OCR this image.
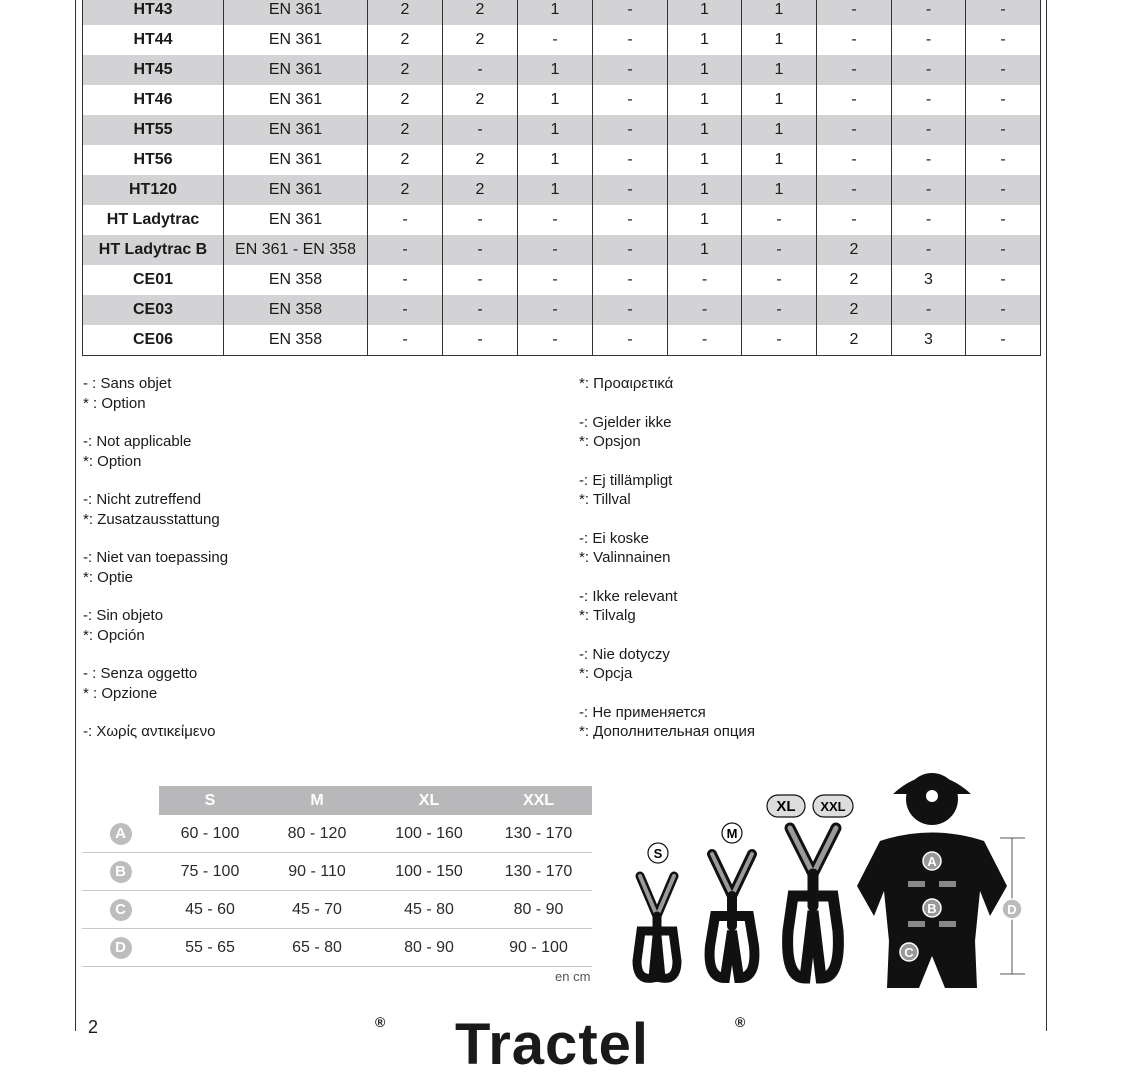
HT43	EN 361	2	2	1	-	1	1	-	-	-
HT44	EN 361	2	2	-	-	1	1	-	-	-
HT45	EN 361	2	-	1	-	1	1	-	-	-
HT46	EN 361	2	2	1	-	1	1	-	-	-
HT55	EN 361	2	-	1	-	1	1	-	-	-
HT56	EN 361	2	2	1	-	1	1	-	-	-
HT120	EN 361	2	2	1	-	1	1	-	-	-
HT Ladytrac	EN 361	-	-	-	-	1	-	-	-	-
HT Ladytrac B	EN 361 - EN 358	-	-	-	-	1	-	2	-	-
CE01	EN 358	-	-	-	-	-	-	2	3	-
CE03	EN 358	-	-	-	-	-	-	2	-	-
CE06	EN 358	-	-	-	-	-	-	2	3	-
- : Sans objet
* : Option
-: Not applicable
*: Option
-: Nicht zutreffend
*: Zusatzausstattung
-: Niet van toepassing
*: Optie
-: Sin objeto
*: Opción
- : Senza oggetto
* : Opzione
-: Χωρίς αντικείμενο
*: Προαιρετικά
-: Gjelder ikke
*: Opsjon
-: Ej tillämpligt
*: Tillval
-: Ei koske
*: Valinnainen
-: Ikke relevant
*: Tilvalg
-: Nie dotyczy
*: Opcja
-: Не применяется
*: Дополнительная опция
	S	M	XL	XXL
A	60 - 100	80 - 120	100 - 160	130 - 170
B	75 - 100	90 - 110	100 - 150	130 - 170
C	45 - 60	45 - 70	45 - 80	80 - 90
D	55 - 65	65 - 80	80 - 90	90 - 100
en cm
S
M
XL XXL
A
B
C
D
2	® Tractel	®
